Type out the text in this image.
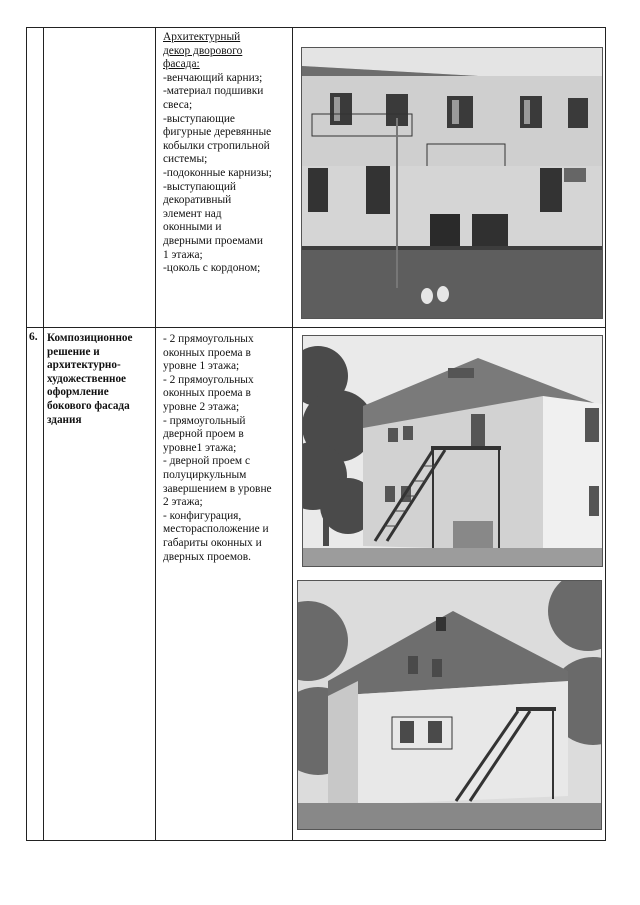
Архитектурный
декор дворового
фасада:
-венчающий карниз;
-материал подшивки
свеса;
-выступающие
фигурные деревянные
кобылки стропильной
системы;
-подоконные карнизы;
-выступающий
декоративный
элемент над
оконными и
дверными проемами
1 этажа;
-цоколь с кордоном;
6. Композиционное
решение и
архитектурно-
художественное
оформление
бокового фасада
здания
- 2 прямоугольных
оконных проема в
уровне 1 этажа;
- 2 прямоугольных
оконных проема в
уровне 2 этажа;
- прямоугольный
дверной проем в
уровне1 этажа;
- дверной проем с
полуциркульным
завершением в уровне
2 этажа;
- конфигурация,
месторасположение и
габариты оконных и
дверных проемов.
